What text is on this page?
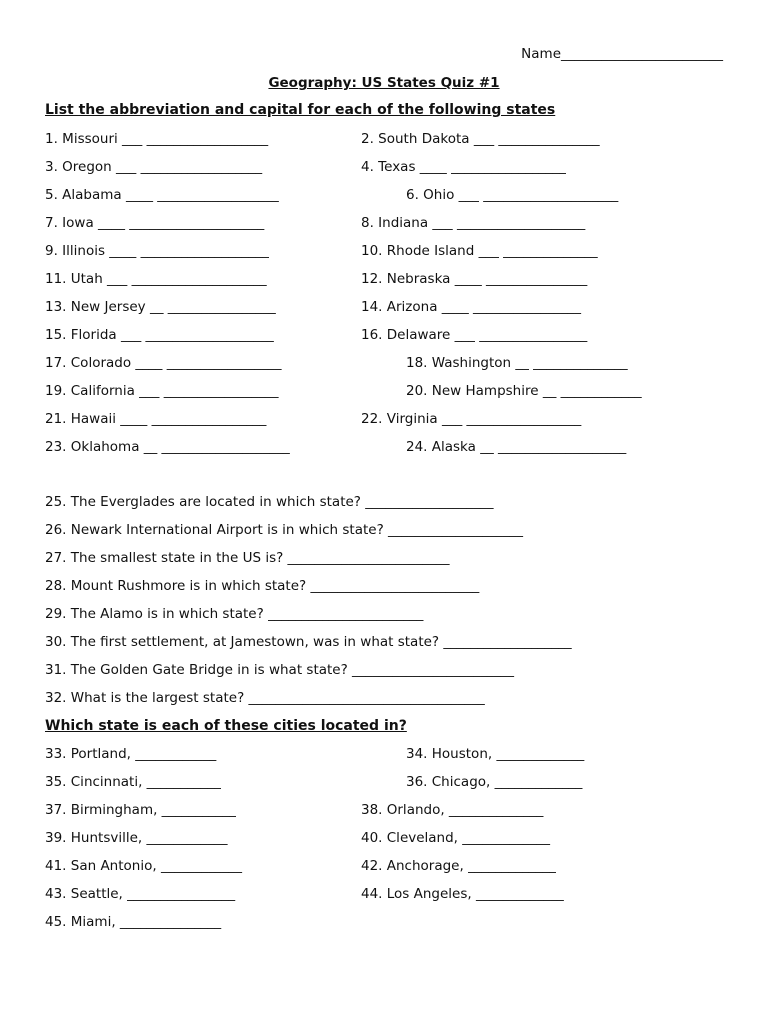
Name________________________
Geography: US States Quiz #1
List the abbreviation and capital for each of the following states
1. Missouri ___ __________________	2. South Dakota ___ _______________
3. Oregon ___ __________________	4. Texas ____ _________________
5. Alabama ____ __________________	6. Ohio ___ ____________________
7. Iowa ____ ____________________	8. Indiana ___ ___________________
9. Illinois ____ ___________________	10. Rhode Island ___ ______________
11. Utah ___ ____________________	12. Nebraska ____ _______________
13. New Jersey __ ________________	14. Arizona ____ ________________
15. Florida ___ ___________________	16. Delaware ___ ________________
17. Colorado ____ _________________	18. Washington __ ______________
19. California ___ _________________	20. New Hampshire __ ____________
21. Hawaii ____ _________________	22. Virginia ___ _________________
23. Oklahoma __ ___________________	24. Alaska __ ___________________
25. The Everglades are located in which state? ___________________
26. Newark International Airport is in which state? ____________________
27. The smallest state in the US is? ________________________
28. Mount Rushmore is in which state? _________________________
29. The Alamo is in which state? _______________________
30. The first settlement, at Jamestown, was in what state? ___________________
31. The Golden Gate Bridge in is what state? ________________________
32. What is the largest state? ___________________________________
Which state is each of these cities located in?
33. Portland, ____________	34. Houston, _____________
35. Cincinnati, ___________	36. Chicago, _____________
37. Birmingham, ___________	38. Orlando, ______________
39. Huntsville, ____________	40. Cleveland, _____________
41. San Antonio, ____________	42. Anchorage, _____________
43. Seattle, ________________	44. Los Angeles, _____________
45. Miami, _______________
